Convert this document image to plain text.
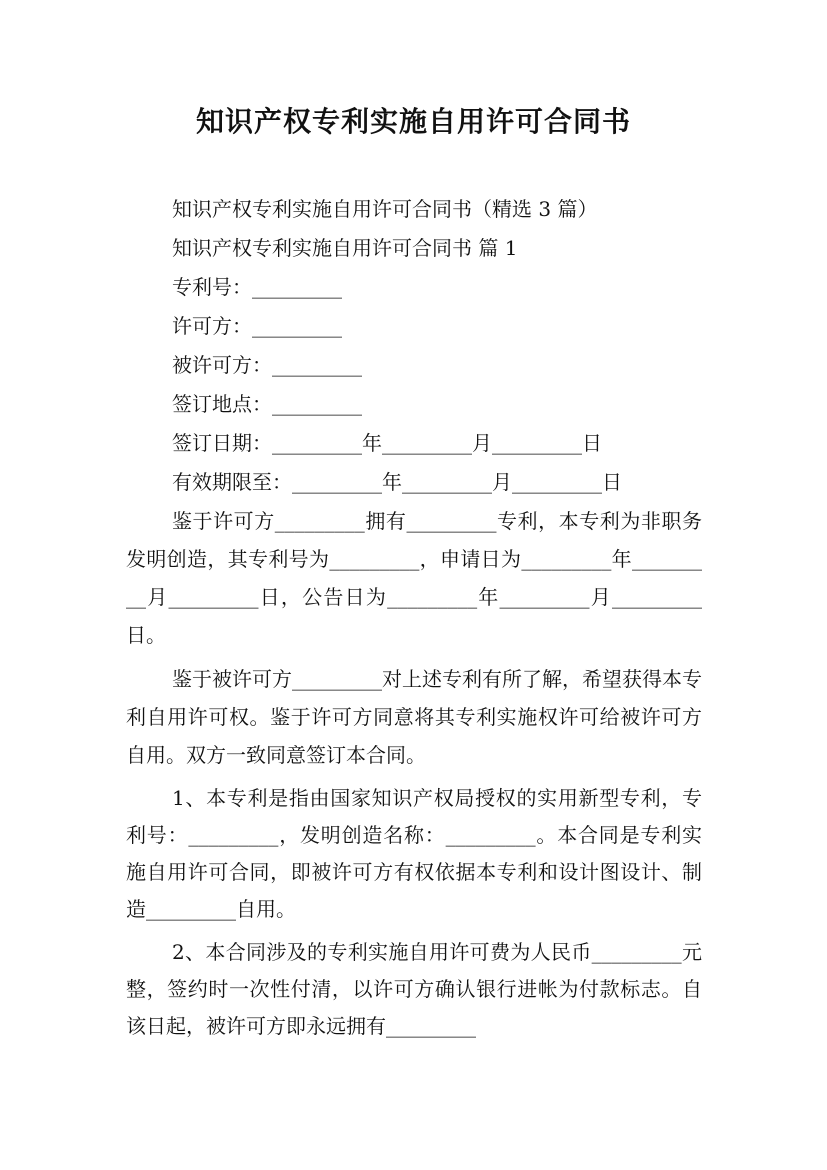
知识产权专利实施自用许可合同书
知识产权专利实施自用许可合同书（精选 3 篇）
知识产权专利实施自用许可合同书 篇 1
专利号：_________
许可方：_________
被许可方：_________
签订地点：_________
签订日期：_________年_________月_________日
有效期限至：_________年_________月_________日
鉴于许可方_________拥有_________专利，本专利为非职务发明创造，其专利号为_________，申请日为_________年_________月_________日，公告日为_________年_________月_________日。
鉴于被许可方_________对上述专利有所了解，希望获得本专利自用许可权。鉴于许可方同意将其专利实施权许可给被许可方自用。双方一致同意签订本合同。
1、本专利是指由国家知识产权局授权的实用新型专利，专利号：_________，发明创造名称：_________。本合同是专利实施自用许可合同，即被许可方有权依据本专利和设计图设计、制造_________自用。
2、本合同涉及的专利实施自用许可费为人民币_________元整，签约时一次性付清，以许可方确认银行进帐为付款标志。自该日起，被许可方即永远拥有_________
